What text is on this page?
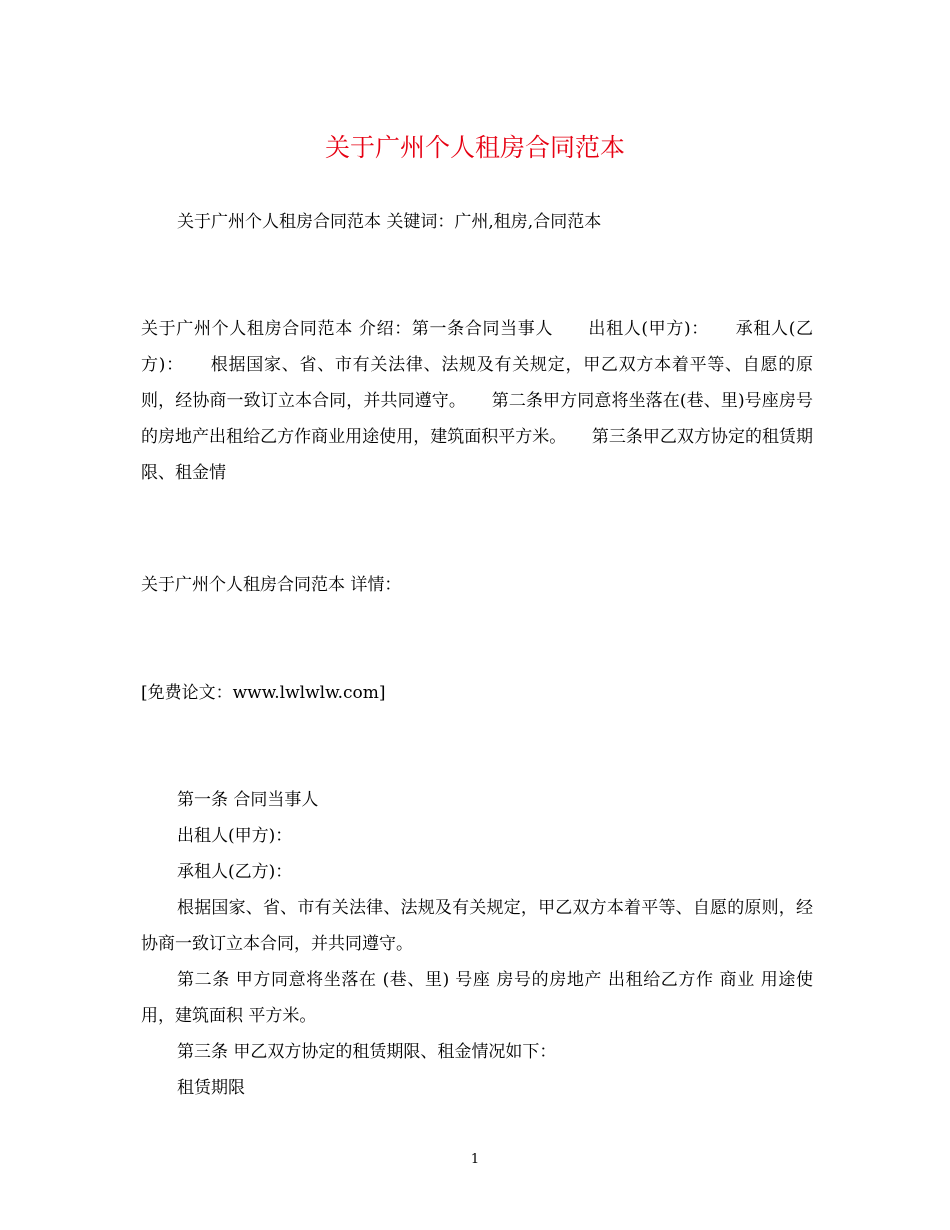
关于广州个人租房合同范本

关于广州个人租房合同范本 关键词：广州,租房,合同范本

关于广州个人租房合同范本 介绍：第一条合同当事人　　出租人(甲方)：　　承租人(乙方)：　　根据国家、省、市有关法律、法规及有关规定，甲乙双方本着平等、自愿的原则，经协商一致订立本合同，并共同遵守。　　第二条甲方同意将坐落在(巷、里)号座房号的房地产出租给乙方作商业用途使用，建筑面积平方米。　　第三条甲乙双方协定的租赁期限、租金情

关于广州个人租房合同范本 详情：

[免费论文：www.lwlwlw.com]

第一条 合同当事人

出租人(甲方)：

承租人(乙方)：

根据国家、省、市有关法律、法规及有关规定，甲乙双方本着平等、自愿的原则，经协商一致订立本合同，并共同遵守。

第二条 甲方同意将坐落在 (巷、里) 号座 房号的房地产 出租给乙方作 商业 用途使用，建筑面积 平方米。

第三条 甲乙双方协定的租赁期限、租金情况如下：

租赁期限

1
